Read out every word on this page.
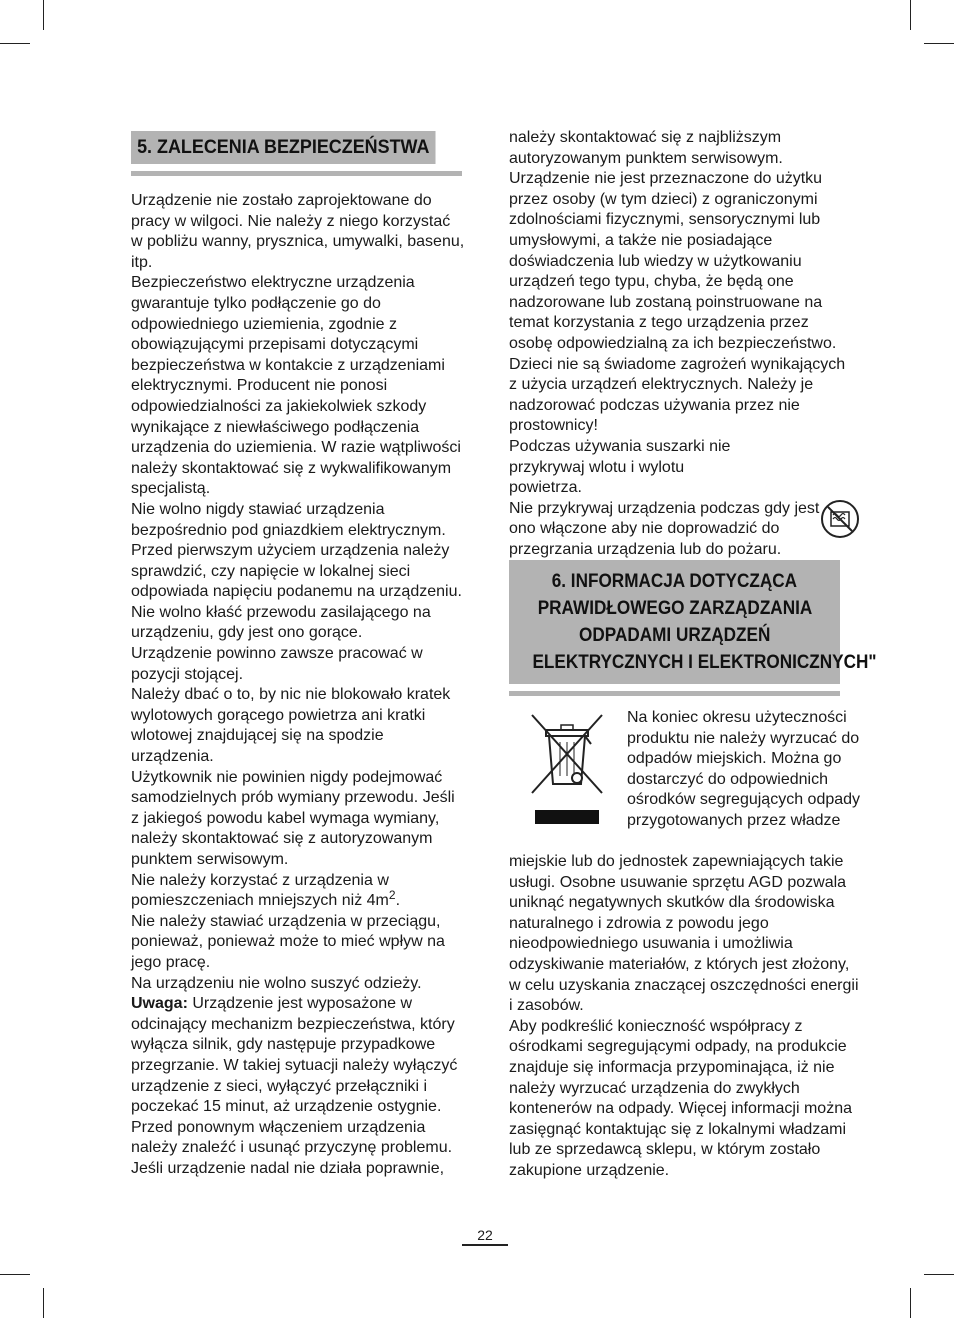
5. ZALECENIA BEZPIECZEŃSTWA

Urządzenie nie zostało zaprojektowane do pracy w wilgoci. Nie należy z niego korzystać w pobliżu wanny, prysznica, umywalki, basenu, itp.

Bezpieczeństwo elektryczne urządzenia gwarantuje tylko podłączenie go do odpowiedniego uziemienia, zgodnie z obowiązującymi przepisami dotyczącymi bezpieczeństwa w kontakcie z urządzeniami elektrycznymi. Producent nie ponosi odpowiedzialności za jakiekolwiek szkody wynikające z niewłaściwego podłączenia urządzenia do uziemienia. W razie wątpliwości należy skontaktować się z wykwalifikowanym specjalistą.

Nie wolno nigdy stawiać urządzenia bezpośrednio pod gniazdkiem elektrycznym.

Przed pierwszym użyciem urządzenia należy sprawdzić, czy napięcie w lokalnej sieci odpowiada napięciu podanemu na urządzeniu.

Nie wolno kłaść przewodu zasilającego na urządzeniu, gdy jest ono gorące.

Urządzenie powinno zawsze pracować w pozycji stojącej.

Należy dbać o to, by nic nie blokowało kratek wylotowych gorącego powietrza ani kratki wlotowej znajdującej się na spodzie urządzenia.

Użytkownik nie powinien nigdy podejmować samodzielnych prób wymiany przewodu. Jeśli z jakiegoś powodu kabel wymaga wymiany, należy skontaktować się z autoryzowanym punktem serwisowym.

Nie należy korzystać z urządzenia w pomieszczeniach mniejszych niż $4m^2$.

Nie należy stawiać urządzenia w przeciągu, ponieważ, ponieważ może to mieć wpływ na jego pracę.

Na urządzeniu nie wolno suszyć odzieży.

Uwaga: Urządzenie jest wyposażone w odcinający mechanizm bezpieczeństwa, który wyłącza silnik, gdy następuje przypadkowe przegrzanie. W takiej sytuacji należy wyłączyć urządzenie z sieci, wyłączyć przełączniki i poczekać 15 minut, aż urządzenie ostygnie. Przed ponownym włączeniem urządzenia należy znaleźć i usunąć przyczynę problemu. Jeśli urządzenie nadal nie działa poprawnie,

należy skontaktować się z najbliższym autoryzowanym punktem serwisowym.

Urządzenie nie jest przeznaczone do użytku przez osoby (w tym dzieci) z ograniczonymi zdolnościami fizycznymi, sensorycznymi lub umysłowymi, a także nie posiadające doświadczenia lub wiedzy w użytkowaniu urządzeń tego typu, chyba, że będą one nadzorowane lub zostaną poinstruowane na temat korzystania z tego urządzenia przez osobę odpowiedzialną za ich bezpieczeństwo.

Dzieci nie są świadome zagrożeń wynikających z użycia urządzeń elektrycznych. Należy je nadzorować podczas używania przez nie prostownicy!

Podczas używania suszarki nie przykrywaj wlotu i wylotu powietrza.

Nie przykrywaj urządzenia podczas gdy jest ono włączone aby nie doprowadzić do przegrzania urządzenia lub do pożaru.

6. INFORMACJA DOTYCZĄCA
PRAWIDŁOWEGO ZARZĄDZANIA
ODPADAMI URZĄDZEŃ
ELEKTRYCZNYCH I ELEKTRONICZNYCH"
Na koniec okresu użyteczności produktu nie należy wyrzucać do odpadów miejskich. Można go dostarczyć do odpowiednich ośrodków segregujących odpady przygotowanych przez władze

miejskie lub do jednostek zapewniających takie usługi. Osobne usuwanie sprzętu AGD pozwala uniknąć negatywnych skutków dla środowiska naturalnego i zdrowia z powodu jego nieodpowiedniego usuwania i umożliwia odzyskiwanie materiałów, z których jest złożony, w celu uzyskania znaczącej oszczędności energii i zasobów.

Aby podkreślić konieczność współpracy z ośrodkami segregującymi odpady, na produkcie znajduje się informacja przypominająca, iż nie należy wyrzucać urządzenia do zwykłych kontenerów na odpady. Więcej informacji można zasięgnąć kontaktując się z lokalnymi władzami lub ze sprzedawcą sklepu, w którym zostało zakupione urządzenie.

22
